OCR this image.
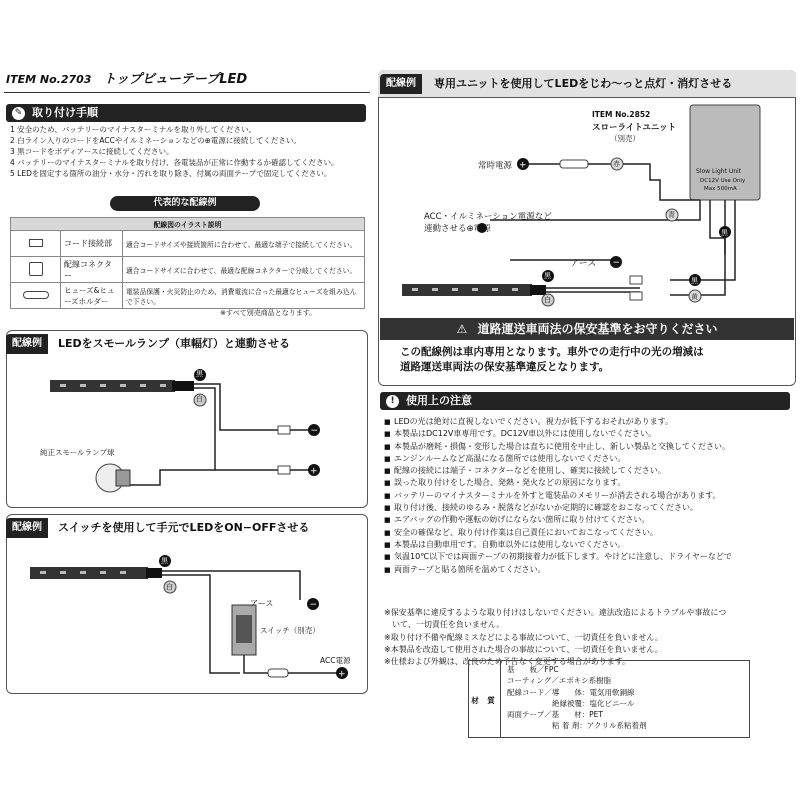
ITEM No.2703 トップビューテープLED
✎ 取り付け手順
1 安全のため、バッテリーのマイナスターミナルを取り外してください。
2 白ライン入りのコードをACCやイルミネーションなどの⊕電源に接続してください。
3 黒コードをボディアースに接続してください。
4 バッテリーのマイナスターミナルを取り付け、各電装品が正常に作動するか確認してください。
5 LEDを固定する箇所の油分・水分・汚れを取り除き、付属の両面テープで固定してください。
代表的な配線例
配線図のイラスト説明		
	コード接続部	適合コードサイズや接続箇所に合わせて、最適な端子で接続してください。
	配線コネクター	適合コードサイズに合わせて、最適な配線コネクターで分岐してください。
	ヒューズ&ヒューズホルダー	電装品保護・火災防止のため、消費電流に合った最適なヒューズを組み込んで下さい。
※すべて別売商品となります。
配線例	LEDをスモールランプ（車幅灯）と連動させる
−
+
黒
白
純正スモールランプ球
配線例	スイッチを使用して手元でLEDをON−OFFさせる
−
+
黒
白
アース
スイッチ（別売）
ACC電源
配線例	専用ユニットを使用してLEDをじわ〜っと点灯・消灯させる
+
−
ITEM No.2852
スローライトユニット
（別売）
Slow Light Unit
DC12V Use Only
Max 500mA
常時電源
ACC・イルミネーション電源など
連動させる⊕電源
アース
赤
青
黒
黒
白
黒
黄
⚠ 道路運送車両法の保安基準をお守りください
この配線例は車内専用となります。車外での走行中の光の増減は
道路運送車両法の保安基準違反となります。
!	使用上の注意
■ LEDの光は絶対に直視しないでください。視力が低下するおそれがあります。
■ 本製品はDC12V車専用です。DC12V車以外には使用しないでください。
■ 本製品が磨耗・損傷・変形した場合は直ちに使用を中止し、新しい製品と交換してください。
■ エンジンルームなど高温になる箇所では使用しないでください。
■ 配線の接続には端子・コネクターなどを使用し、確実に接続してください。
■ 誤った取り付けをした場合、発熱・発火などの原因になります。
■ バッテリーのマイナスターミナルを外すと電装品のメモリーが消去される場合があります。
■ 取り付け後、接続のゆるみ・脱落などがないか定期的に確認をおこなってください。
■ エアバッグの作動や運転の妨げにならない箇所に取り付けてください。
■ 安全の確保など、取り付け作業は自己責任においておこなってください。
■ 本製品は自動車用です。自動車以外には使用しないでください。
■ 気温10℃以下では両面テープの初期接着力が低下します。やけどに注意し、ドライヤーなどで
■ 両面テープと貼る箇所を温めてください。
※保安基準に違反するような取り付けはしないでください。違法改造によるトラブルや事故につ
　いて、一切責任を負いません。
※取り付け不備や配線ミスなどによる事故について、一切責任を負いません。
※本製品を改造して使用された場合の事故について、一切責任を負いません。
※仕様および外観は、改良のため予告なく変更する場合があります。
材 質
基　　板／FPC
コーティング／エポキシ系樹脂
配線コード／導　　体：電気用軟銅線
　　　　　　絶縁被覆：塩化ビニール
両面テープ／基　　材：PET
　　　　　　粘 着 剤：アクリル系粘着剤
